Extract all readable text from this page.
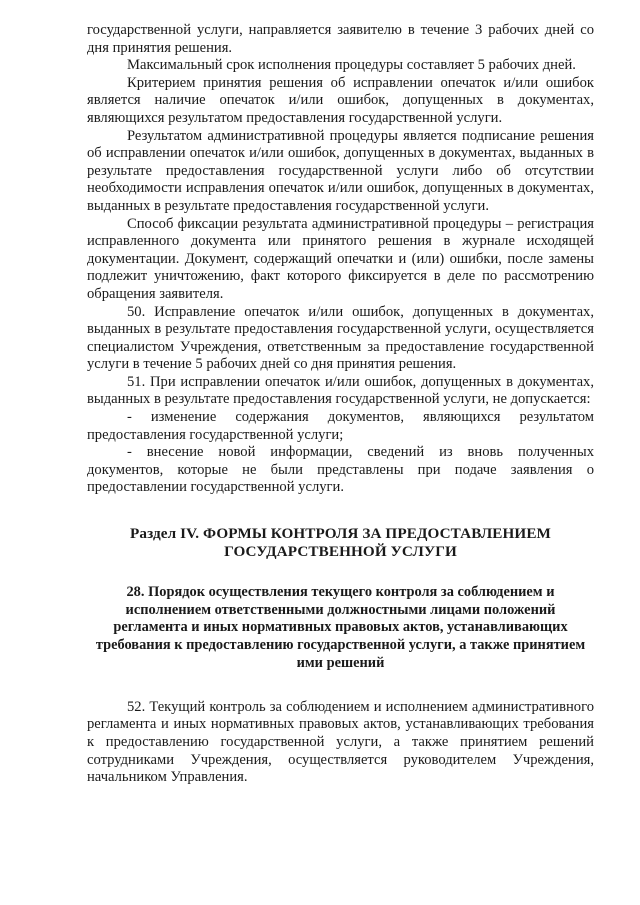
государственной услуги, направляется заявителю в течение 3 рабочих дней со дня принятия решения.

Максимальный срок исполнения процедуры составляет 5 рабочих дней.

Критерием принятия решения об исправлении опечаток и/или ошибок является наличие опечаток и/или ошибок, допущенных в документах, являющихся результатом предоставления государственной услуги.

Результатом административной процедуры является подписание решения об исправлении опечаток и/или ошибок, допущенных в документах, выданных в результате предоставления государственной услуги либо об отсутствии необходимости исправления опечаток и/или ошибок, допущенных в документах, выданных в результате предоставления государственной услуги.

Способ фиксации результата административной процедуры – регистрация исправленного документа или принятого решения в журнале исходящей документации. Документ, содержащий опечатки и (или) ошибки, после замены подлежит уничтожению, факт которого фиксируется в деле по рассмотрению обращения заявителя.

50. Исправление опечаток и/или ошибок, допущенных в документах, выданных в результате предоставления государственной услуги, осуществляется специалистом Учреждения, ответственным за предоставление государственной услуги в течение 5 рабочих дней со дня принятия решения.

51. При исправлении опечаток и/или ошибок, допущенных в документах, выданных в результате предоставления государственной услуги, не допускается:

- изменение содержания документов, являющихся результатом предоставления государственной услуги;

- внесение новой информации, сведений из вновь полученных документов, которые не были представлены при подаче заявления о предоставлении государственной услуги.

Раздел IV. ФОРМЫ КОНТРОЛЯ ЗА ПРЕДОСТАВЛЕНИЕМ ГОСУДАРСТВЕННОЙ УСЛУГИ
28. Порядок осуществления текущего контроля за соблюдением и исполнением ответственными должностными лицами положений регламента и иных нормативных правовых актов, устанавливающих требования к предоставлению государственной услуги, а также принятием ими решений

52. Текущий контроль за соблюдением и исполнением административного регламента и иных нормативных правовых актов, устанавливающих требования к предоставлению государственной услуги, а также принятием решений сотрудниками Учреждения, осуществляется руководителем Учреждения, начальником Управления.
